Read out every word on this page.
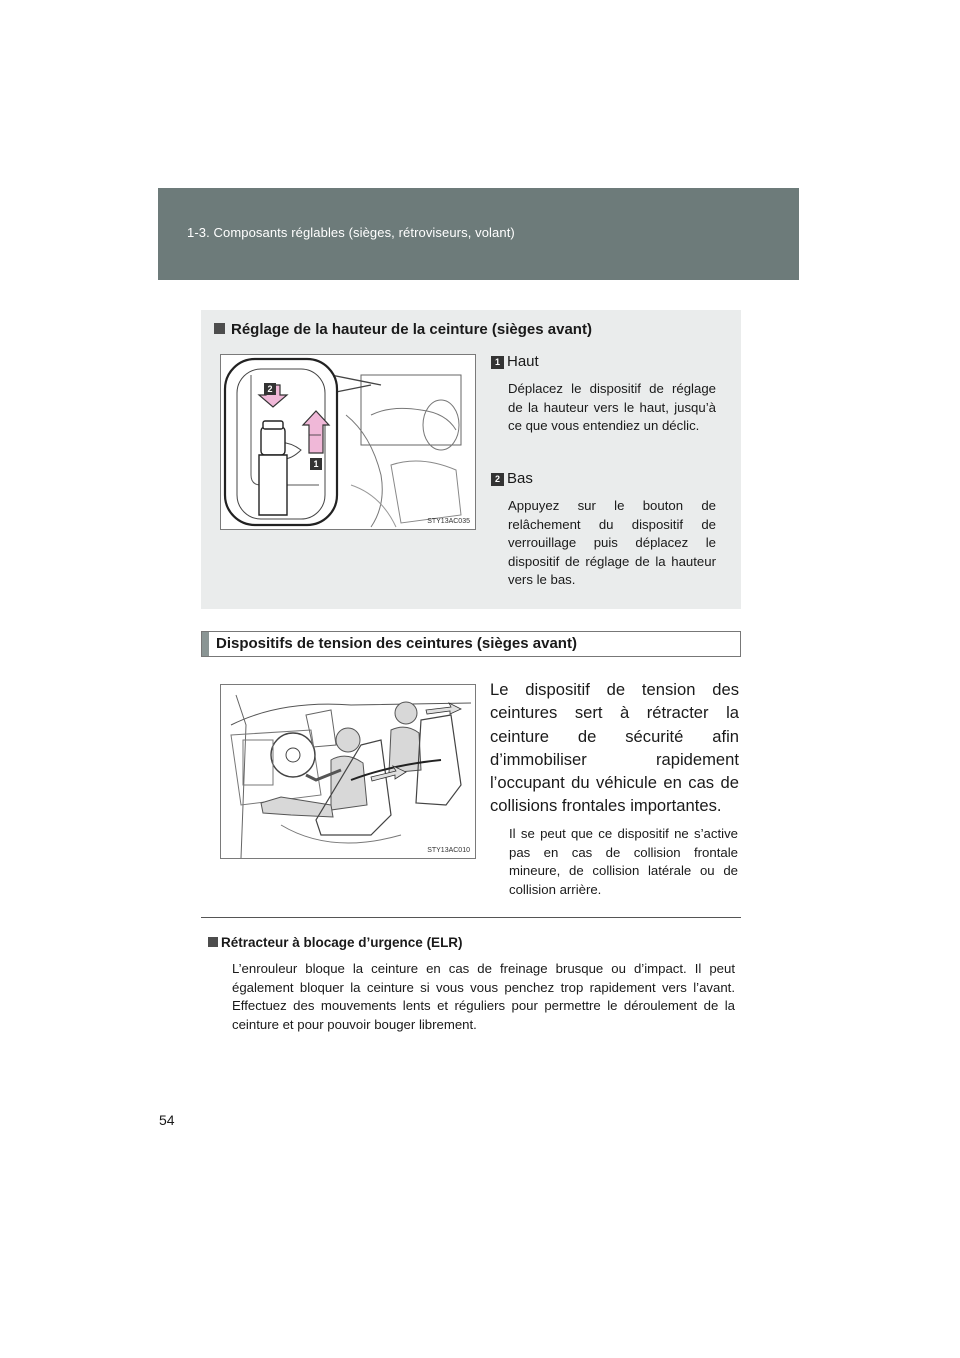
1-3. Composants réglables (sièges, rétroviseurs, volant)
Réglage de la hauteur de la ceinture (sièges avant)
2
1
STY13AC035
1 Haut
Déplacez le dispositif de réglage de la hauteur vers le haut, jusqu’à ce que vous entendiez un déclic.
2 Bas
Appuyez sur le bouton de relâchement du dispositif de verrouillage puis déplacez le dispositif de réglage de la hauteur vers le bas.
Dispositifs de tension des ceintures (sièges avant)
STY13AC010
Le dispositif de tension des ceintures sert à rétracter la ceinture de sécurité afin d’immobiliser rapidement l’occupant du véhicule en cas de collisions frontales importantes.
Il se peut que ce dispositif ne s’active pas en cas de collision frontale mineure, de collision latérale ou de collision arrière.
Rétracteur à blocage d’urgence (ELR)
L’enrouleur bloque la ceinture en cas de freinage brusque ou d’impact. Il peut également bloquer la ceinture si vous vous penchez trop rapidement vers l’avant. Effectuez des mouvements lents et réguliers pour permettre le déroulement de la ceinture et pour pouvoir bouger librement.
54
